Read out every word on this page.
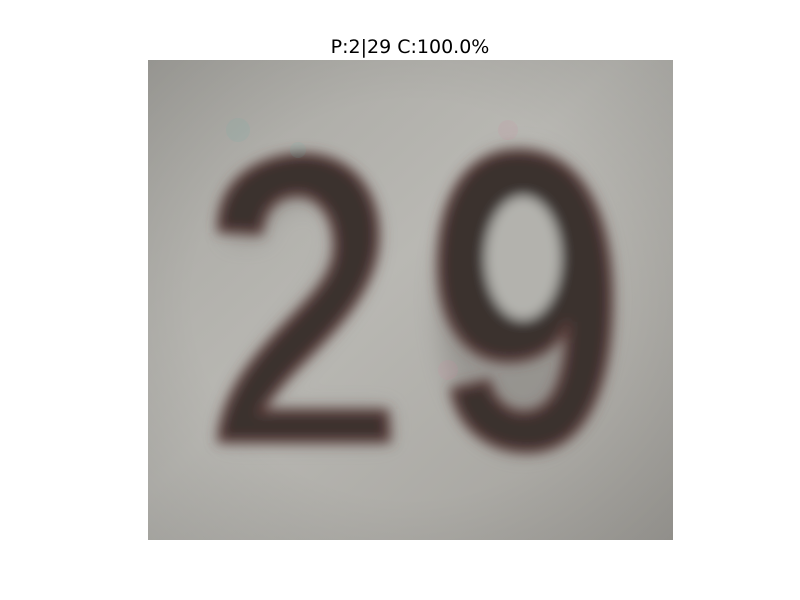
P:2|29 C:100.0%
